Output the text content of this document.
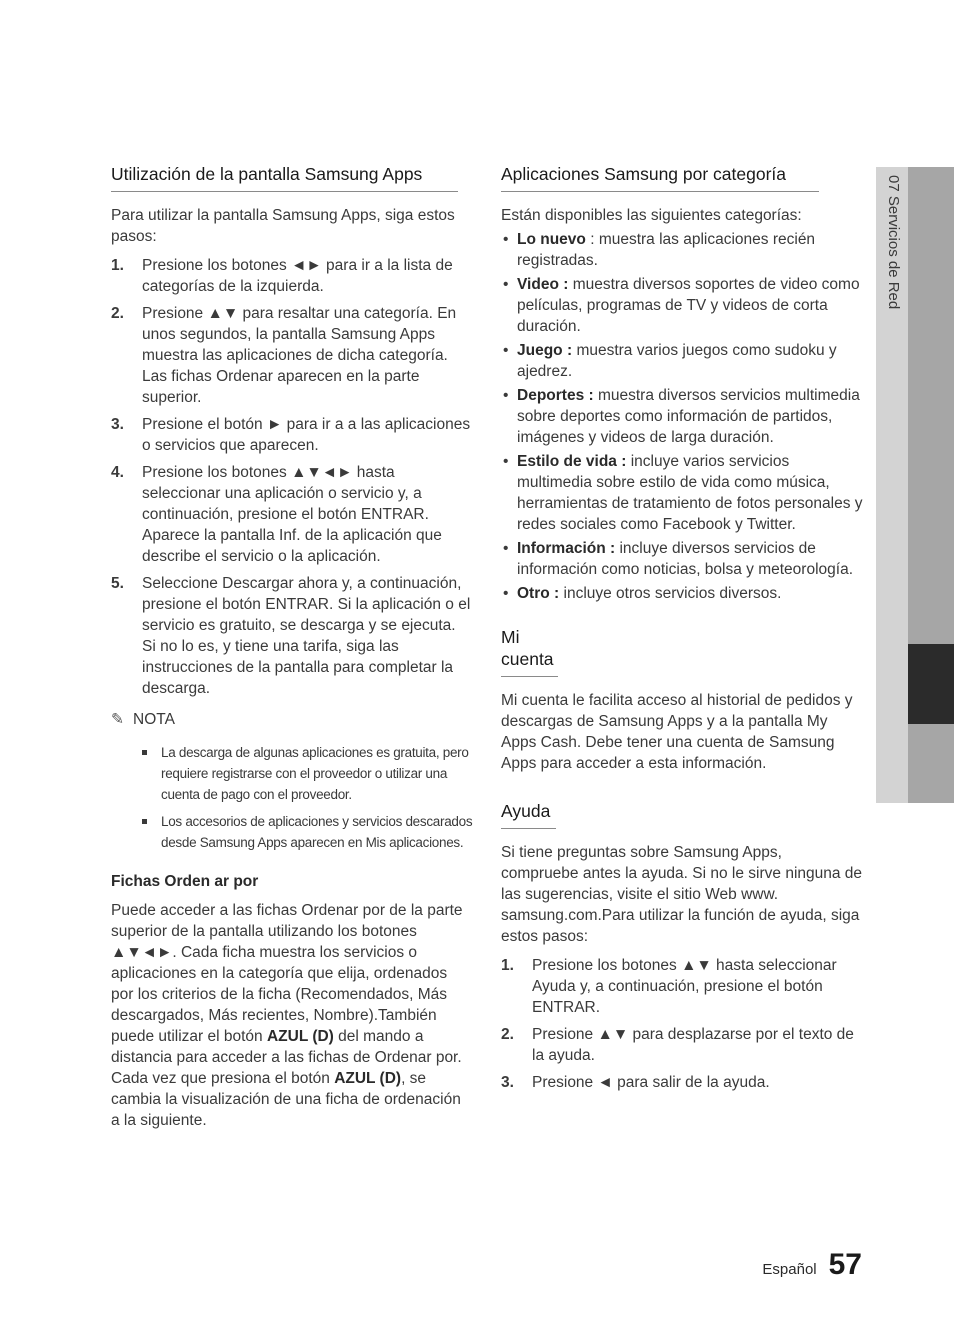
07 Servicios de Red
Utilización de la pantalla Samsung Apps

Para utilizar la pantalla Samsung Apps, siga estos pasos:

1. Presione los botones ◄► para ir a la lista de categorías de la izquierda.
2. Presione ▲▼ para resaltar una categoría. En unos segundos, la pantalla Samsung Apps muestra las aplicaciones de dicha categoría. Las fichas Ordenar aparecen en la parte superior.
3. Presione el botón ► para ir a a las aplicaciones o servicios que aparecen.
4. Presione los botones ▲▼◄► hasta seleccionar una aplicación o servicio y, a continuación, presione el botón ENTRAR. Aparece la pantalla Inf. de la aplicación que describe el servicio o la aplicación.
5. Seleccione Descargar ahora y, a continuación, presione el botón ENTRAR. Si la aplicación o el servicio es gratuito, se descarga y se ejecuta. Si no lo es, y tiene una tarifa, siga las instrucciones de la pantalla para completar la descarga.
✎ NOTA
La descarga de algunas aplicaciones es gratuita, pero requiere registrarse con el proveedor o utilizar una cuenta de pago con el proveedor.
Los accesorios de aplicaciones y servicios descarados desde Samsung Apps aparecen en Mis aplicaciones.
Fichas Orden ar por

Puede acceder a las fichas Ordenar por de la parte superior de la pantalla utilizando los botones ▲▼◄►. Cada ficha muestra los servicios o aplicaciones en la categoría que elija, ordenados por los criterios de la ficha (Recomendados, Más descargados, Más recientes, Nombre).También puede utilizar el botón AZUL (D) del mando a distancia para acceder a las fichas de Ordenar por. Cada vez que presiona el botón AZUL (D), se cambia la visualización de una ficha de ordenación a la siguiente.

Aplicaciones Samsung por categoría

Están disponibles las siguientes categorías:

• Lo nuevo : muestra las aplicaciones recién registradas.
• Video : muestra diversos soportes de video como películas, programas de TV y videos de corta duración.
• Juego : muestra varios juegos como sudoku y ajedrez.
• Deportes : muestra diversos servicios multimedia sobre deportes como información de partidos, imágenes y videos de larga duración.
• Estilo de vida : incluye varios servicios multimedia sobre estilo de vida como música, herramientas de tratamiento de fotos personales y redes sociales como Facebook y Twitter.
• Información : incluye diversos servicios de información como noticias, bolsa y meteorología.
• Otro : incluye otros servicios diversos.
Mi cuenta

Mi cuenta le facilita acceso al historial de pedidos y descargas de Samsung Apps y a la pantalla My Apps Cash. Debe tener una cuenta de Samsung Apps para acceder a esta información.

Ayuda

Si tiene preguntas sobre Samsung Apps, compruebe antes la ayuda. Si no le sirve ninguna de las sugerencias, visite el sitio Web www. samsung.com.Para utilizar la función de ayuda, siga estos pasos:

1. Presione los botones ▲▼ hasta seleccionar Ayuda y, a continuación, presione el botón ENTRAR.
2. Presione ▲▼ para desplazarse por el texto de la ayuda.
3. Presione ◄ para salir de la ayuda.
Español 57
